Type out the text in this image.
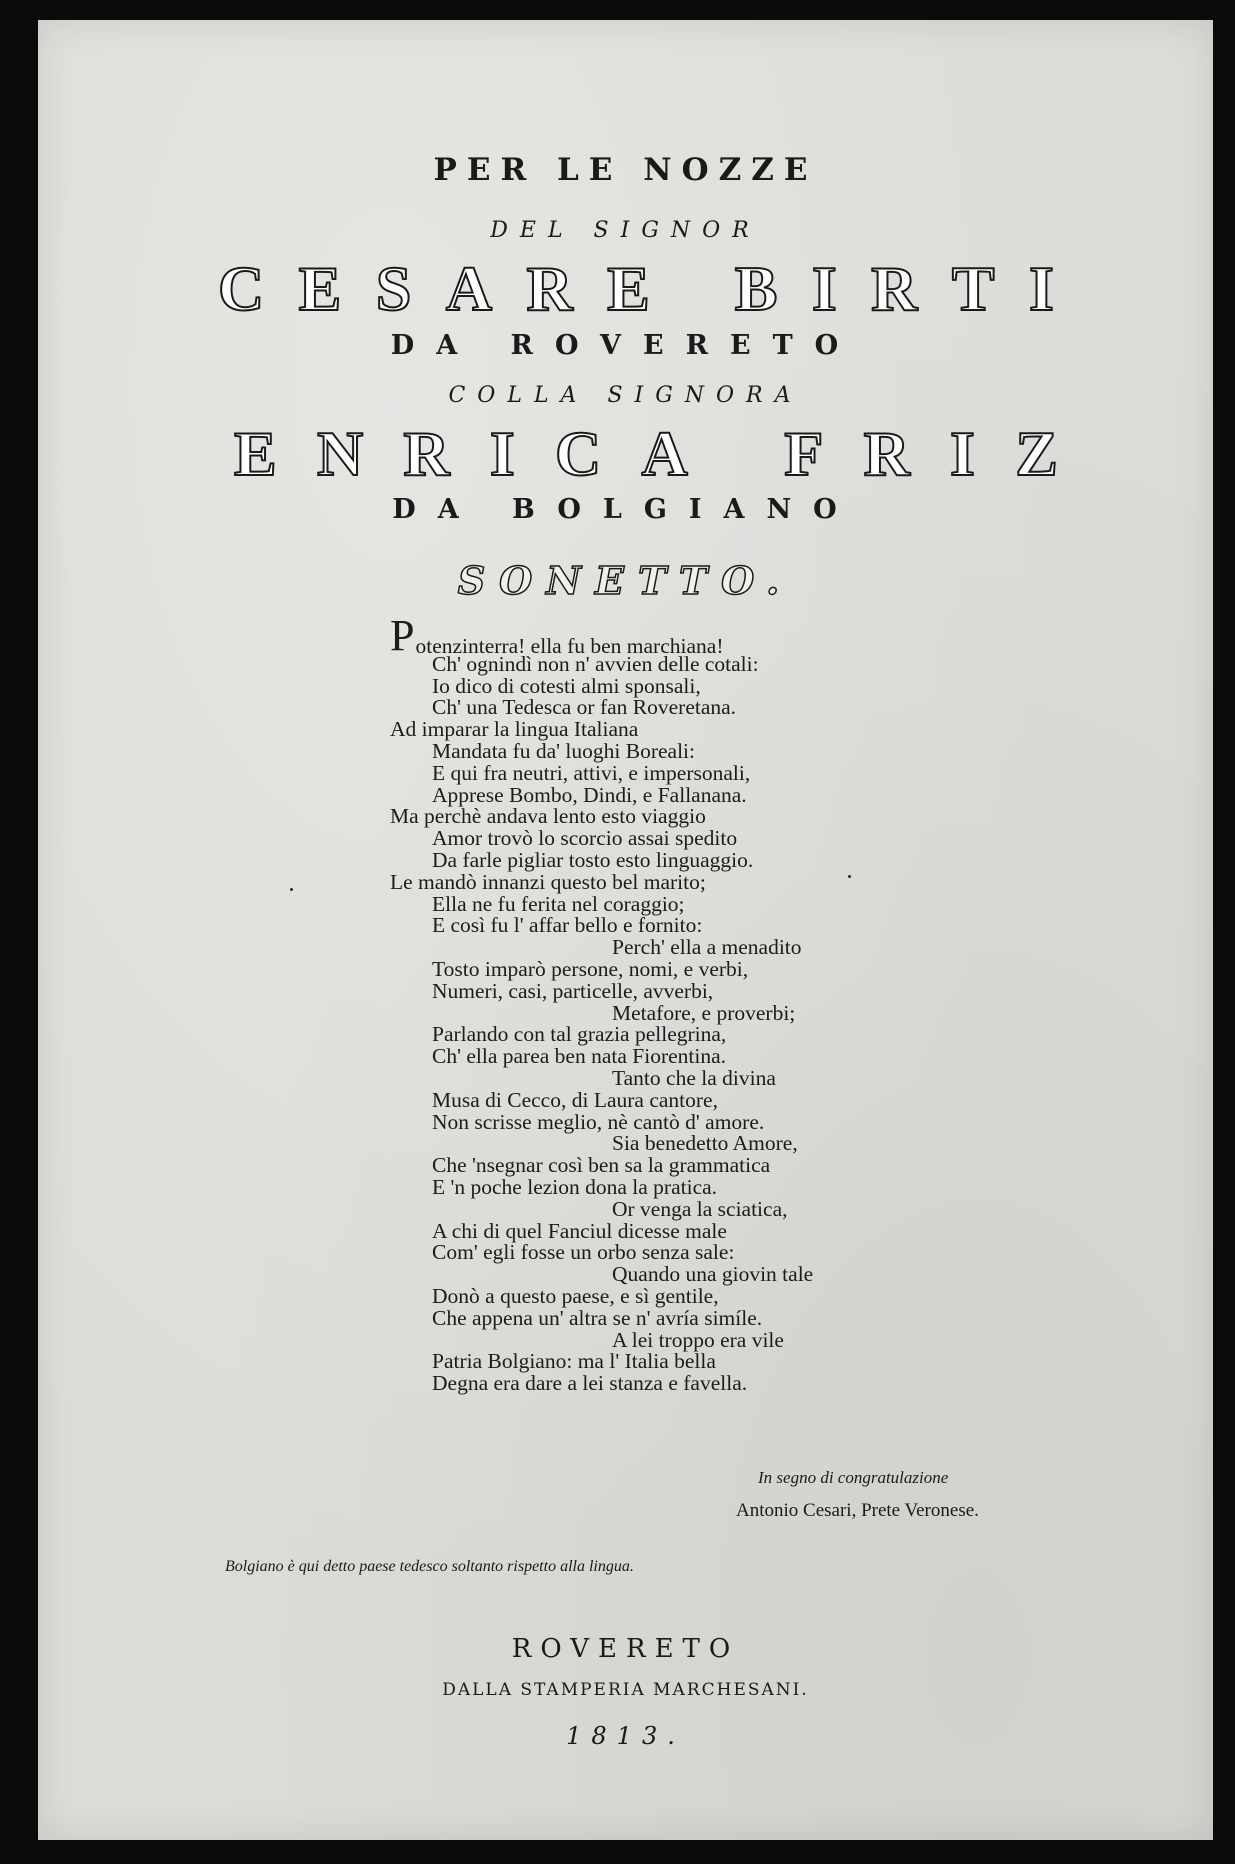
PER LE NOZZE
DEL SIGNOR
C E S A R E
B I R T I
DA ROVERETO
COLLA SIGNORA
E N R I C A
F R I Z
DA BOLGIANO
SONETTO.
Potenzinterra! ella fu ben marchiana!
Ch' ognindì non n' avvien delle cotali:
Io dico di cotesti almi sponsali,
Ch' una Tedesca or fan Roveretana.
Ad imparar la lingua Italiana
Mandata fu da' luoghi Boreali:
E qui fra neutri, attivi, e impersonali,
Apprese Bombo, Dindi, e Fallanana.
Ma perchè andava lento esto viaggio
Amor trovò lo scorcio assai spedito
Da farle pigliar tosto esto linguaggio.
Le mandò innanzi questo bel marito;
Ella ne fu ferita nel coraggio;
E così fu l' affar bello e fornito:
Perch' ella a menadito
Tosto imparò persone, nomi, e verbi,
Numeri, casi, particelle, avverbi,
Metafore, e proverbi;
Parlando con tal grazia pellegrina,
Ch' ella parea ben nata Fiorentina.
Tanto che la divina
Musa di Cecco, di Laura cantore,
Non scrisse meglio, nè cantò d' amore.
Sia benedetto Amore,
Che 'nsegnar così ben sa la grammatica
E 'n poche lezion dona la pratica.
Or venga la sciatica,
A chi di quel Fanciul dicesse male
Com' egli fosse un orbo senza sale:
Quando una giovin tale
Donò a questo paese, e sì gentile,
Che appena un' altra se n' avría simíle.
A lei troppo era vile
Patria Bolgiano: ma l' Italia bella
Degna era dare a lei stanza e favella.
In segno di congratulazione
Antonio Cesari, Prete Veronese.
Bolgiano è qui detto paese tedesco soltanto rispetto alla lingua.
ROVERETO
DALLA STAMPERIA MARCHESANI.
1813.
